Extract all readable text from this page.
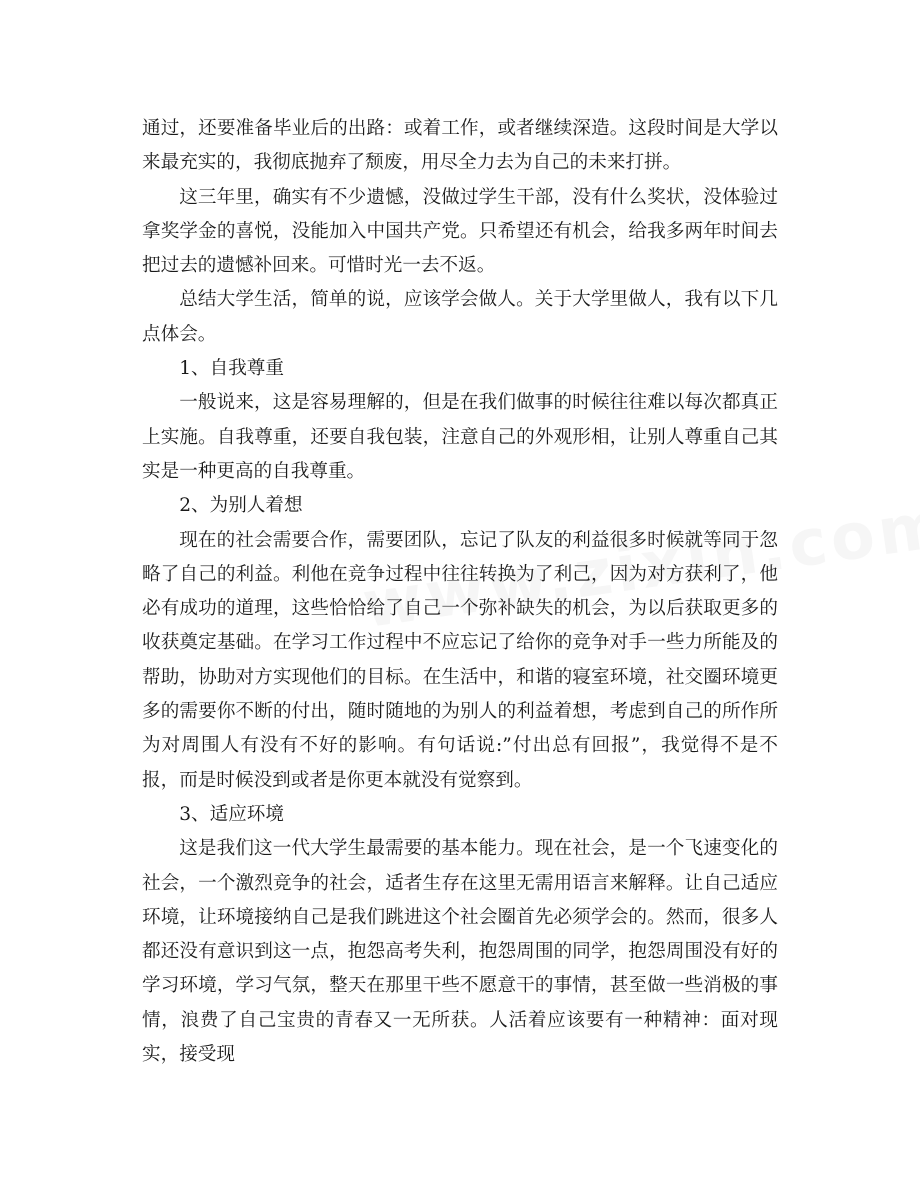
通过，还要准备毕业后的出路：或着工作，或者继续深造。这段时间是大学以来最充实的，我彻底抛弃了颓废，用尽全力去为自己的未来打拼。

这三年里，确实有不少遗憾，没做过学生干部，没有什么奖状，没体验过拿奖学金的喜悦，没能加入中国共产党。只希望还有机会，给我多两年时间去把过去的遗憾补回来。可惜时光一去不返。

总结大学生活，简单的说，应该学会做人。关于大学里做人，我有以下几点体会。

1、自我尊重

一般说来，这是容易理解的，但是在我们做事的时候往往难以每次都真正上实施。自我尊重，还要自我包装，注意自己的外观形相，让别人尊重自己其实是一种更高的自我尊重。

2、为别人着想

现在的社会需要合作，需要团队，忘记了队友的利益很多时候就等同于忽略了自己的利益。利他在竞争过程中往往转换为了利己，因为对方获利了，他必有成功的道理，这些恰恰给了自己一个弥补缺失的机会，为以后获取更多的收获奠定基础。在学习工作过程中不应忘记了给你的竞争对手一些力所能及的帮助，协助对方实现他们的目标。在生活中，和谐的寝室环境，社交圈环境更多的需要你不断的付出，随时随地的为别人的利益着想，考虑到自己的所作所为对周围人有没有不好的影响。有句话说:”付出总有回报”，我觉得不是不报，而是时候没到或者是你更本就没有觉察到。

3、适应环境

这是我们这一代大学生最需要的基本能力。现在社会，是一个飞速变化的社会，一个激烈竞争的社会，适者生存在这里无需用语言来解释。让自己适应环境，让环境接纳自己是我们跳进这个社会圈首先必须学会的。然而，很多人都还没有意识到这一点，抱怨高考失利，抱怨周围的同学，抱怨周围没有好的学习环境，学习气氛，整天在那里干些不愿意干的事情，甚至做一些消极的事情，浪费了自己宝贵的青春又一无所获。人活着应该要有一种精神：面对现实，接受现
